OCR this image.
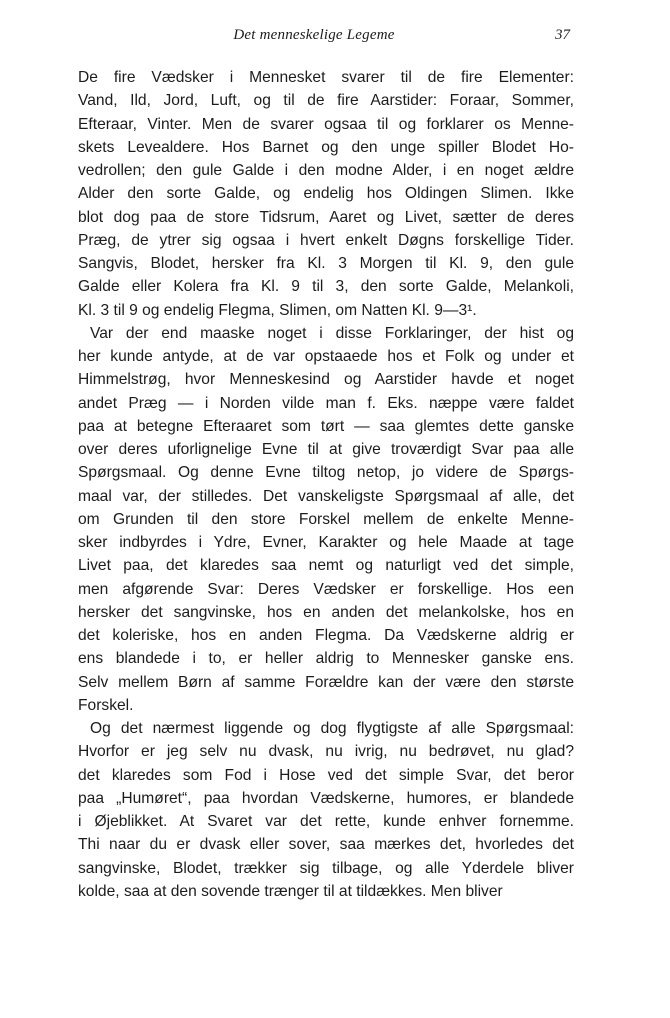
Det menneskelige Legeme	37
De fire Vædsker i Mennesket svarer til de fire Elementer:
Vand, Ild, Jord, Luft, og til de fire Aarstider: Foraar, Sommer,
Efteraar, Vinter. Men de svarer ogsaa til og forklarer os Menne-
skets Levealdere. Hos Barnet og den unge spiller Blodet Ho-
vedrollen; den gule Galde i den modne Alder, i en noget ældre
Alder den sorte Galde, og endelig hos Oldingen Slimen. Ikke
blot dog paa de store Tidsrum, Aaret og Livet, sætter de deres
Præg, de ytrer sig ogsaa i hvert enkelt Døgns forskellige Tider.
Sangvis, Blodet, hersker fra Kl. 3 Morgen til Kl. 9, den gule
Galde eller Kolera fra Kl. 9 til 3, den sorte Galde, Melankoli,
Kl. 3 til 9 og endelig Flegma, Slimen, om Natten Kl. 9—3¹.
Var der end maaske noget i disse Forklaringer, der hist og
her kunde antyde, at de var opstaaede hos et Folk og under et
Himmelstrøg, hvor Menneskesind og Aarstider havde et noget
andet Præg — i Norden vilde man f. Eks. næppe være faldet
paa at betegne Efteraaret som tørt — saa glemtes dette ganske
over deres uforlignelige Evne til at give troværdigt Svar paa alle
Spørgsmaal. Og denne Evne tiltog netop, jo videre de Spørgs-
maal var, der stilledes. Det vanskeligste Spørgsmaal af alle, det
om Grunden til den store Forskel mellem de enkelte Menne-
sker indbyrdes i Ydre, Evner, Karakter og hele Maade at tage
Livet paa, det klaredes saa nemt og naturligt ved det simple,
men afgørende Svar: Deres Vædsker er forskellige. Hos een
hersker det sangvinske, hos en anden det melankolske, hos en
det koleriske, hos en anden Flegma. Da Vædskerne aldrig er
ens blandede i to, er heller aldrig to Mennesker ganske ens.
Selv mellem Børn af samme Forældre kan der være den største
Forskel.
Og det nærmest liggende og dog flygtigste af alle Spørgsmaal:
Hvorfor er jeg selv nu dvask, nu ivrig, nu bedrøvet, nu glad?
det klaredes som Fod i Hose ved det simple Svar, det beror
paa „Humøret“, paa hvordan Vædskerne, humores, er blandede
i Øjeblikket. At Svaret var det rette, kunde enhver fornemme.
Thi naar du er dvask eller sover, saa mærkes det, hvorledes det
sangvinske, Blodet, trækker sig tilbage, og alle Yderdele bliver
kolde, saa at den sovende trænger til at tildækkes. Men bliver
